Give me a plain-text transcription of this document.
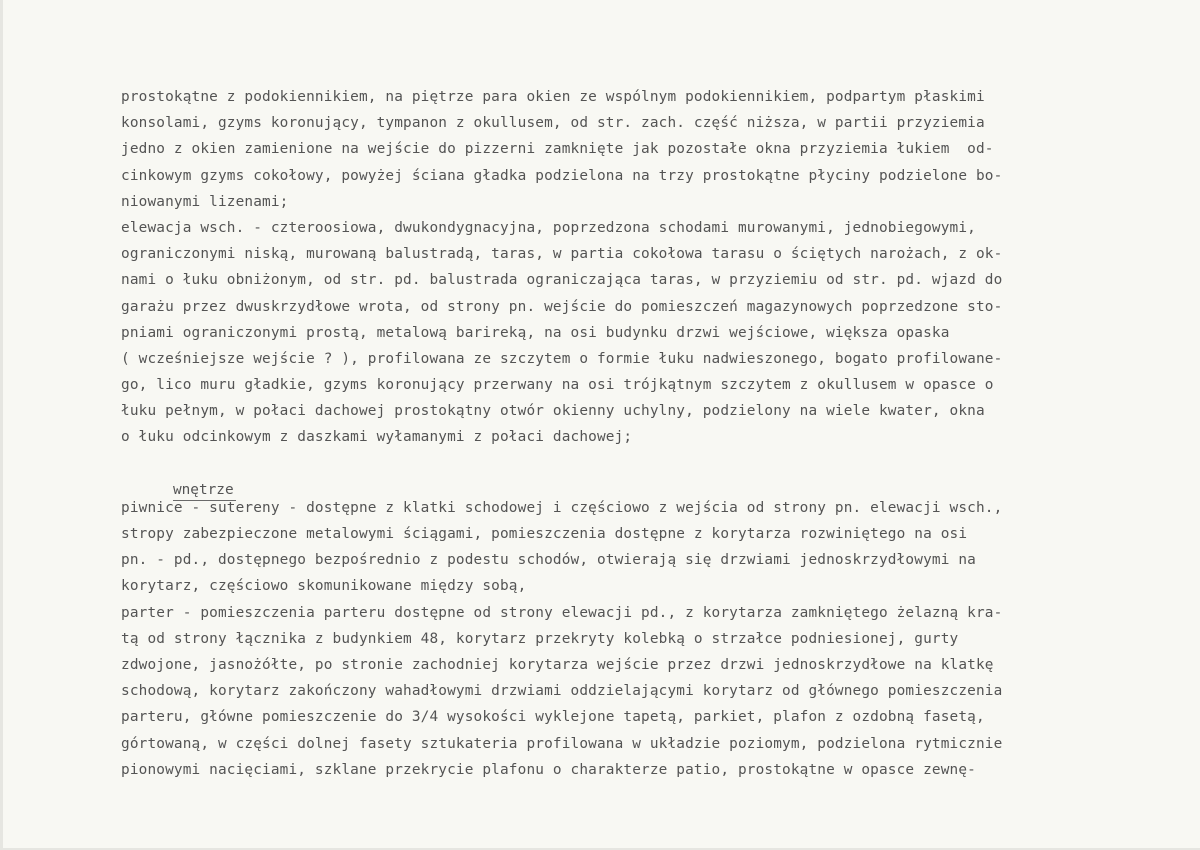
prostokątne z podokiennikiem, na piętrze para okien ze wspólnym podokiennikiem, podpartym płaskimi
konsolami, gzyms koronujący, tympanon z okullusem, od str. zach. część niższa, w partii przyziemia
jedno z okien zamienione na wejście do pizzerni zamknięte jak pozostałe okna przyziemia łukiem  od-
cinkowym gzyms cokołowy, powyżej ściana gładka podzielona na trzy prostokątne płyciny podzielone bo-
niowanymi lizenami;
elewacja wsch. - czteroosiowa, dwukondygnacyjna, poprzedzona schodami murowanymi, jednobiegowymi,
ograniczonymi niską, murowaną balustradą, taras, w partia cokołowa tarasu o ściętych narożach, z ok-
nami o łuku obniżonym, od str. pd. balustrada ograniczająca taras, w przyziemiu od str. pd. wjazd do
garażu przez dwuskrzydłowe wrota, od strony pn. wejście do pomieszczeń magazynowych poprzedzone sto-
pniami ograniczonymi prostą, metalową barireką, na osi budynku drzwi wejściowe, większa opaska
( wcześniejsze wejście ? ), profilowana ze szczytem o formie łuku nadwieszonego, bogato profilowane-
go, lico muru gładkie, gzyms koronujący przerwany na osi trójkątnym szczytem z okullusem w opasce o
łuku pełnym, w połaci dachowej prostokątny otwór okienny uchylny, podzielony na wiele kwater, okna
o łuku odcinkowym z daszkami wyłamanymi z połaci dachowej;

wnętrze

piwnice - sutereny - dostępne z klatki schodowej i częściowo z wejścia od strony pn. elewacji wsch.,
stropy zabezpieczone metalowymi ściągami, pomieszczenia dostępne z korytarza rozwiniętego na osi
pn. - pd., dostępnego bezpośrednio z podestu schodów, otwierają się drzwiami jednoskrzydłowymi na
korytarz, częściowo skomunikowane między sobą,
parter - pomieszczenia parteru dostępne od strony elewacji pd., z korytarza zamkniętego żelazną kra-
tą od strony łącznika z budynkiem 48, korytarz przekryty kolebką o strzałce podniesionej, gurty
zdwojone, jasnożółte, po stronie zachodniej korytarza wejście przez drzwi jednoskrzydłowe na klatkę
schodową, korytarz zakończony wahadłowymi drzwiami oddzielającymi korytarz od głównego pomieszczenia
parteru, główne pomieszczenie do 3/4 wysokości wyklejone tapetą, parkiet, plafon z ozdobną fasetą,
górtowaną, w części dolnej fasety sztukateria profilowana w układzie poziomym, podzielona rytmicznie
pionowymi nacięciami, szklane przekrycie plafonu o charakterze patio, prostokątne w opasce zewnę-
